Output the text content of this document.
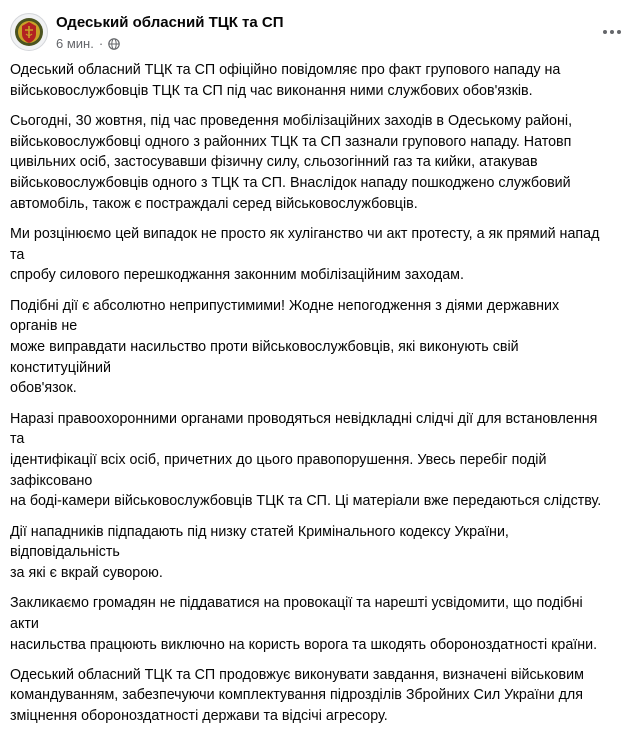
Одеський обласний ТЦК та СП
6 мин. ·

Одеський обласний ТЦК та СП офіційно повідомляє про факт групового нападу на
військовослужбовців ТЦК та СП під час виконання ними службових обов'язків.

Сьогодні, 30 жовтня, під час проведення мобілізаційних заходів в Одеському районі,
військовослужбовці одного з районних ТЦК та СП зазнали групового нападу. Натовп
цивільних осіб, застосувавши фізичну силу, сльозогінний газ та кийки, атакував
військовослужбовців одного з ТЦК та СП. Внаслідок нападу пошкоджено службовий
автомобіль, також є постраждалі серед військовослужбовців.

Ми розцінюємо цей випадок не просто як хуліганство чи акт протесту, а як прямий напад та
спробу силового перешкоджання законним мобілізаційним заходам.

Подібні дії є абсолютно неприпустимими! Жодне непогодження з діями державних органів не
може виправдати насильство проти військовослужбовців, які виконують свій конституційний
обов'язок.

Наразі правоохоронними органами проводяться невідкладні слідчі дії для встановлення та
ідентифікації всіх осіб, причетних до цього правопорушення. Увесь перебіг подій зафіксовано
на боді-камери військовослужбовців ТЦК та СП. Ці матеріали вже передаються слідству.

Дії нападників підпадають під низку статей Кримінального кодексу України, відповідальність
за які є вкрай суворою.

Закликаємо громадян не піддаватися на провокації та нарешті усвідомити, що подібні акти
насильства працюють виключно на користь ворога та шкодять обороноздатності країни.

Одеський обласний ТЦК та СП продовжує виконувати завдання, визначені військовим
командуванням, забезпечуючи комплектування підрозділів Збройних Сил України для
зміцнення обороноздатності держави та відсічі агресору.
